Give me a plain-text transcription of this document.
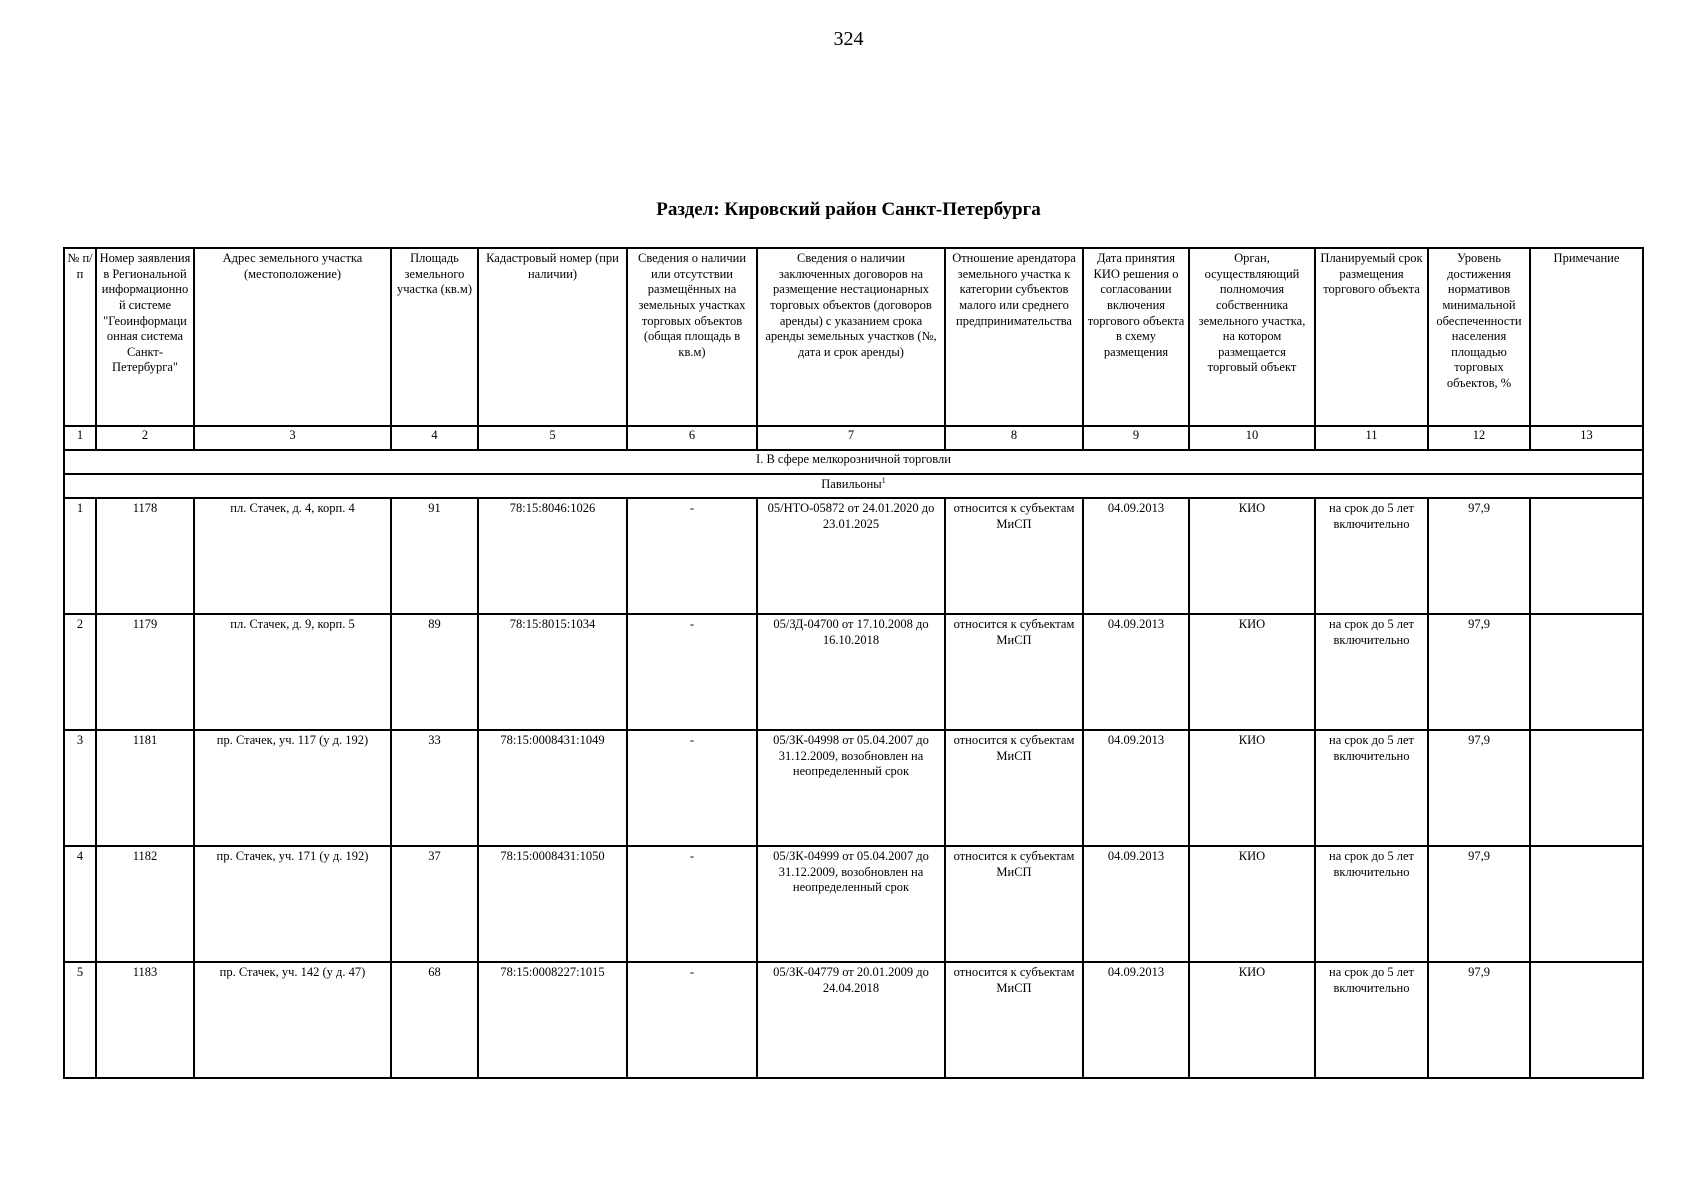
324
Раздел: Кировский район Санкт-Петербурга
№ п/п	Номер заявления в Региональной информационно й системе "Геоинформаци онная система Санкт-Петербурга"	Адрес земельного участка (местоположение)	Площадь земельного участка (кв.м)	Кадастровый номер (при наличии)	Сведения о наличии или отсутствии размещённых на земельных участках торговых объектов (общая площадь в кв.м)	Сведения о наличии заключенных договоров на размещение нестационарных торговых объектов (договоров аренды) с указанием срока аренды земельных участков (№, дата и срок аренды)	Отношение арендатора земельного участка к категории субъектов малого или среднего предпринимательства	Дата принятия КИО решения о согласовании включения торгового объекта в схему размещения	Орган, осуществляющий полномочия собственника земельного участка, на котором размещается торговый объект	Планируемый срок размещения торгового объекта	Уровень достижения нормативов минимальной обеспеченности населения площадью торговых объектов, %	Примечание
1	2	3	4	5	6	7	8	9	10	11	12	13
I. В сфере мелкорозничной торговли												
Павильоны$^1$
1	1178	пл. Стачек, д. 4, корп. 4	91	78:15:8046:1026	-	05/НТО-05872 от 24.01.2020 до 23.01.2025	относится к субъектам МиСП	04.09.2013	КИО	на срок до 5 лет включительно	97,9	
2	1179	пл. Стачек, д. 9, корп. 5	89	78:15:8015:1034	-	05/ЗД-04700 от 17.10.2008 до 16.10.2018	относится к субъектам МиСП	04.09.2013	КИО	на срок до 5 лет включительно	97,9	
3	1181	пр. Стачек, уч. 117 (у д. 192)	33	78:15:0008431:1049	-	05/ЗК-04998 от 05.04.2007 до 31.12.2009, возобновлен на неопределенный срок	относится к субъектам МиСП	04.09.2013	КИО	на срок до 5 лет включительно	97,9	
4	1182	пр. Стачек, уч. 171 (у д. 192)	37	78:15:0008431:1050	-	05/ЗК-04999 от 05.04.2007 до 31.12.2009, возобновлен на неопределенный срок	относится к субъектам МиСП	04.09.2013	КИО	на срок до 5 лет включительно	97,9	
5	1183	пр. Стачек, уч. 142 (у д. 47)	68	78:15:0008227:1015	-	05/ЗК-04779 от 20.01.2009 до 24.04.2018	относится к субъектам МиСП	04.09.2013	КИО	на срок до 5 лет включительно	97,9	
